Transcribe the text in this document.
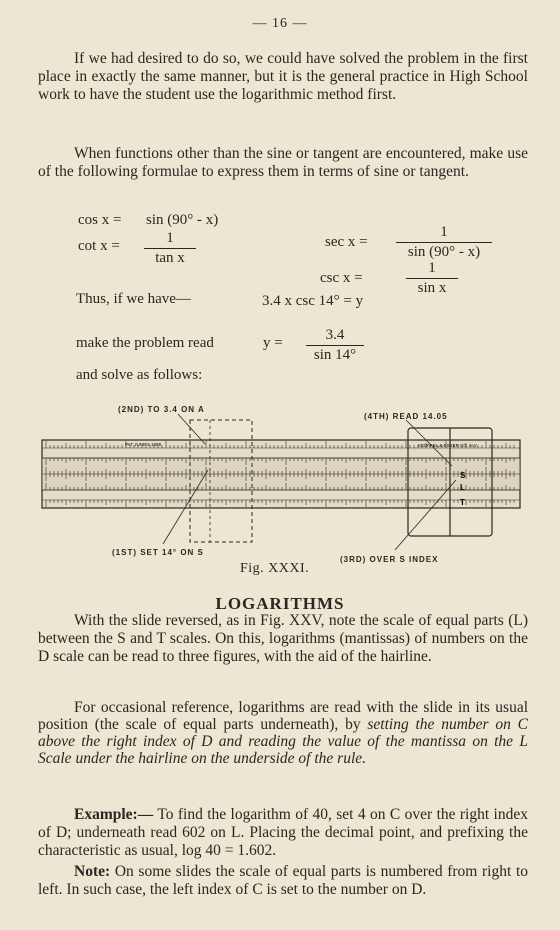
— 16 —
If we had desired to do so, we could have solved the problem in the first place in exactly the same manner, but it is the general practice in High School work to have the student use the logarithmic method first.
When functions other than the sine or tangent are encountered, make use of the following formulae to express them in terms of sine or tangent.
cos x = sin (90° - x)
$\cot x = \frac{1}{\text{tan x}}$	$\sec x = \frac{1}{\sin (90^\circ - x)}$
csc x =	$\frac{1}{\text{sin x}}$
Thus, if we have—	3.4 x csc 14° = y
make the problem read	$y = \frac{3.4}{\sin 14^\circ}$
and solve as follows:
(2ND) TO 3.4 ON A
(4TH) READ 14.05
(1ST) SET 14° ON S
(3RD) OVER S INDEX
S
L
T
PAT JUNE 6 1899	KEUFFEL & ESSER CO. N.Y.
Fig. XXXI.
LOGARITHMS
With the slide reversed, as in Fig. XXV, note the scale of equal parts (L) between the S and T scales. On this, logarithms (mantissas) of numbers on the D scale can be read to three figures, with the aid of the hairline.
For occasional reference, logarithms are read with the slide in its usual position (the scale of equal parts underneath), by setting the number on C above the right index of D and reading the value of the mantissa on the L Scale under the hairline on the underside of the rule.
Example:— To find the logarithm of 40, set 4 on C over the right index of D; underneath read 602 on L. Placing the decimal point, and prefixing the characteristic as usual, log 40 = 1.602.
Note: On some slides the scale of equal parts is numbered from right to left. In such case, the left index of C is set to the number on D.
